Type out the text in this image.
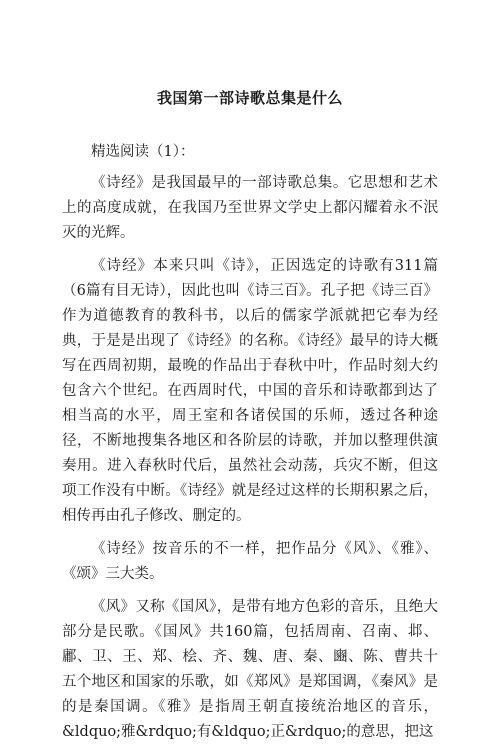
我国第一部诗歌总集是什么

精选阅读（1）：

《诗经》是我国最早的一部诗歌总集。它思想和艺术上的高度成就，在我国乃至世界文学史上都闪耀着永不泯灭的光辉。

《诗经》本来只叫《诗》，正因选定的诗歌有311篇（6篇有目无诗），因此也叫《诗三百》。孔子把《诗三百》作为道德教育的教科书，以后的儒家学派就把它奉为经典，于是是出现了《诗经》的名称。《诗经》最早的诗大概写在西周初期，最晚的作品出于春秋中叶，作品时刻大约包含六个世纪。在西周时代，中国的音乐和诗歌都到达了相当高的水平，周王室和各诸侯国的乐师，透过各种途径，不断地搜集各地区和各阶层的诗歌，并加以整理供演奏用。进入春秋时代后，虽然社会动荡，兵灾不断，但这项工作没有中断。《诗经》就是经过这样的长期积累之后，相传再由孔子修改、删定的。

《诗经》按音乐的不一样，把作品分《风》、《雅》、《颂》三大类。

《风》又称《国风》，是带有地方色彩的音乐，且绝大部分是民歌。《国风》共160篇，包括周南、召南、邶、鄘、卫、王、郑、桧、齐、魏、唐、秦、豳、陈、曹共十五个地区和国家的乐歌，如《郑风》是郑国调，《秦风》是的是秦国调。《雅》是指周王朝直接统治地区的音乐，&ldquo;雅&rdquo;有&ldquo;正&rdquo;的意思，把这
